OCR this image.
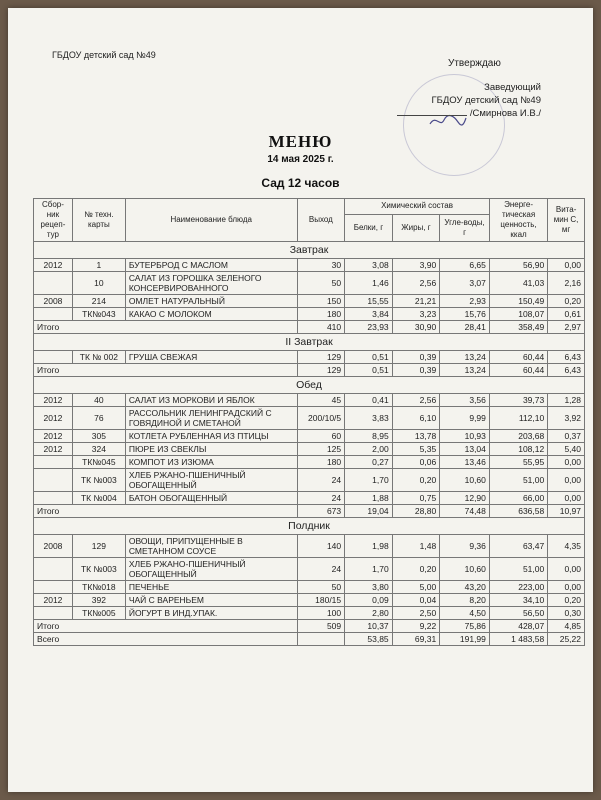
ГБДОУ детский сад №49
Утверждаю
Заведующий
ГБДОУ детский сад №49
/Смирнова И.В./
МЕНЮ
14 мая 2025 г.
Сад 12 часов
Сбор-ник рецеп-тур	№ техн. карты	Наименование блюда	Выход	Химический состав			Энерге-тическая ценность, ккал	Вита-мин С, мг
				Белки, г	Жиры, г	Угле-воды, г		
Завтрак								
2012	1	БУТЕРБРОД С МАСЛОМ	30	3,08	3,90	6,65	56,90	0,00
	10	САЛАТ ИЗ ГОРОШКА ЗЕЛЕНОГО КОНСЕРВИРОВАННОГО	50	1,46	2,56	3,07	41,03	2,16
2008	214	ОМЛЕТ НАТУРАЛЬНЫЙ	150	15,55	21,21	2,93	150,49	0,20
	ТК№043	КАКАО С МОЛОКОМ	180	3,84	3,23	15,76	108,07	0,61
Итого			410	23,93	30,90	28,41	358,49	2,97
II Завтрак								
	ТК № 002	ГРУША СВЕЖАЯ	129	0,51	0,39	13,24	60,44	6,43
Итого			129	0,51	0,39	13,24	60,44	6,43
Обед								
2012	40	САЛАТ ИЗ МОРКОВИ И ЯБЛОК	45	0,41	2,56	3,56	39,73	1,28
2012	76	РАССОЛЬНИК ЛЕНИНГРАДСКИЙ С ГОВЯДИНОЙ И СМЕТАНОЙ	200/10/5	3,83	6,10	9,99	112,10	3,92
2012	305	КОТЛЕТА РУБЛЕННАЯ ИЗ ПТИЦЫ	60	8,95	13,78	10,93	203,68	0,37
2012	324	ПЮРЕ ИЗ СВЕКЛЫ	125	2,00	5,35	13,04	108,12	5,40
	ТК№045	КОМПОТ ИЗ ИЗЮМА	180	0,27	0,06	13,46	55,95	0,00
	ТК №003	ХЛЕБ РЖАНО-ПШЕНИЧНЫЙ ОБОГАЩЕННЫЙ	24	1,70	0,20	10,60	51,00	0,00
	ТК №004	БАТОН ОБОГАЩЕННЫЙ	24	1,88	0,75	12,90	66,00	0,00
Итого			673	19,04	28,80	74,48	636,58	10,97
Полдник								
2008	129	ОВОЩИ, ПРИПУЩЕННЫЕ В СМЕТАННОМ СОУСЕ	140	1,98	1,48	9,36	63,47	4,35
	ТК №003	ХЛЕБ РЖАНО-ПШЕНИЧНЫЙ ОБОГАЩЕННЫЙ	24	1,70	0,20	10,60	51,00	0,00
	ТК№018	ПЕЧЕНЬЕ	50	3,80	5,00	43,20	223,00	0,00
2012	392	ЧАЙ С ВАРЕНЬЕМ	180/15	0,09	0,04	8,20	34,10	0,20
	ТК№005	ЙОГУРТ В ИНД.УПАК.	100	2,80	2,50	4,50	56,50	0,30
Итого			509	10,37	9,22	75,86	428,07	4,85
Всего				53,85	69,31	191,99	1 483,58	25,22
